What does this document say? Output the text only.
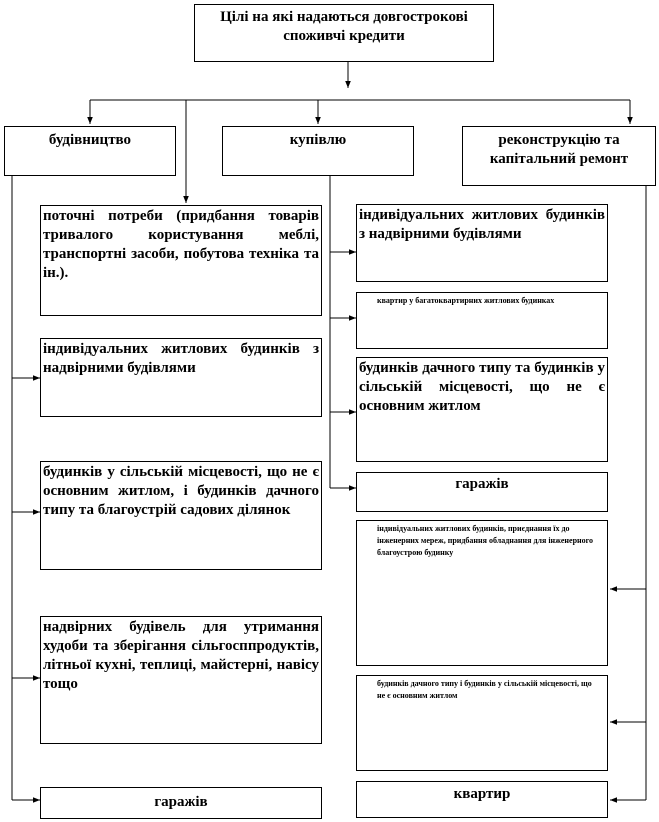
Цілі на які надаються довгострокові споживчі кредити
будівництво	купівлю	реконструкцію та капітальний ремонт
поточні потреби (придбання товарів тривалого користування меблі, транспортні засоби, побутова техніка та ін.).
індивідуальних житлових будинків з надвірними будівлями
будинків у сільській місцевості, що не є основним житлом, і будинків дачного типу та благоустрій садових ділянок
надвірних будівель для утримання худоби та зберігання сільгосппродуктів, літньої кухні, теплиці, майстерні, навісу тощо
гаражів
індивідуальних житлових будинків з надвірними будівлями
квартир у багатоквартирних житлових будинках
будинків дачного типу та будинків у сільській місцевості, що не є основним житлом
гаражів
індивідуальних житлових будинків, приєднання їх до інженерних мереж, придбання обладнання для інженерного благоустрою будинку
будинків дачного типу і будинків у сільській місцевості, що не є основним житлом
квартир
